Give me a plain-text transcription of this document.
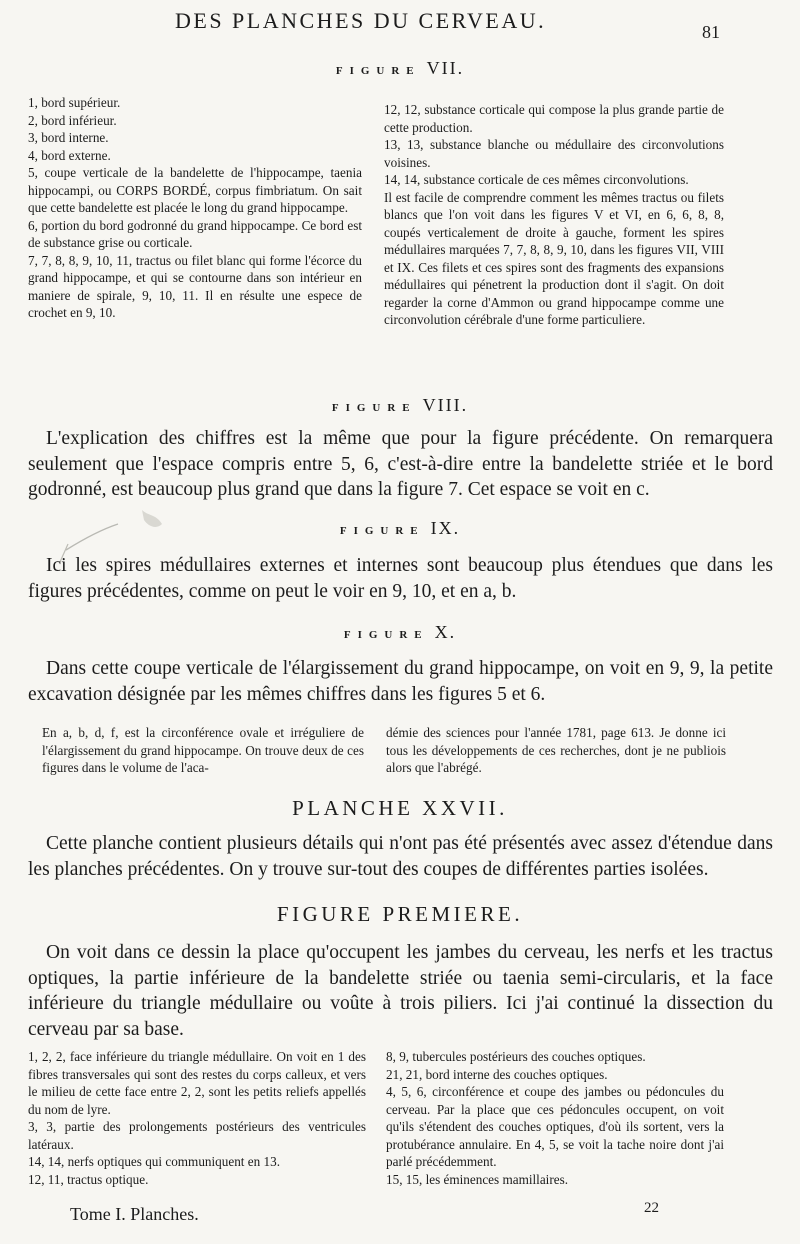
DES PLANCHES DU CERVEAU.	81
FIGURE VII.

1, bord supérieur.

2, bord inférieur.

3, bord interne.

4, bord externe.

5, coupe verticale de la bandelette de l'hippocampe, taenia hippocampi, ou CORPS BORDÉ, corpus fimbriatum. On sait que cette bandelette est placée le long du grand hippocampe.

6, portion du bord godronné du grand hippocampe. Ce bord est de substance grise ou corticale.

7, 7, 8, 8, 9, 10, 11, tractus ou filet blanc qui forme l'écorce du grand hippocampe, et qui se contourne dans son intérieur en maniere de spirale, 9, 10, 11. Il en résulte une espece de crochet en 9, 10.

12, 12, substance corticale qui compose la plus grande partie de cette production.

13, 13, substance blanche ou médullaire des circonvolutions voisines.

14, 14, substance corticale de ces mêmes circonvolutions.

Il est facile de comprendre comment les mêmes tractus ou filets blancs que l'on voit dans les figures V et VI, en 6, 6, 8, 8, coupés verticalement de droite à gauche, forment les spires médullaires marquées 7, 7, 8, 8, 9, 10, dans les figures VII, VIII et IX. Ces filets et ces spires sont des fragments des expansions médullaires qui pénetrent la production dont il s'agit. On doit regarder la corne d'Ammon ou grand hippocampe comme une circonvolution cérébrale d'une forme particuliere.

FIGURE VIII.

L'explication des chiffres est la même que pour la figure précédente. On remarquera seulement que l'espace compris entre 5, 6, c'est-à-dire entre la bandelette striée et le bord godronné, est beaucoup plus grand que dans la figure 7. Cet espace se voit en c.

FIGURE IX.

Ici les spires médullaires externes et internes sont beaucoup plus étendues que dans les figures précédentes, comme on peut le voir en 9, 10, et en a, b.

FIGURE X.

Dans cette coupe verticale de l'élargissement du grand hippocampe, on voit en 9, 9, la petite excavation désignée par les mêmes chiffres dans les figures 5 et 6.

En a, b, d, f, est la circonférence ovale et irréguliere de l'élargissement du grand hippocampe. On trouve deux de ces figures dans le volume de l'aca-

démie des sciences pour l'année 1781, page 613. Je donne ici tous les développements de ces recherches, dont je ne publiois alors que l'abrégé.

PLANCHE XXVII.

Cette planche contient plusieurs détails qui n'ont pas été présentés avec assez d'étendue dans les planches précédentes. On y trouve sur-tout des coupes de différentes parties isolées.

FIGURE PREMIERE.

On voit dans ce dessin la place qu'occupent les jambes du cerveau, les nerfs et les tractus optiques, la partie inférieure de la bandelette striée ou taenia semi-circularis, et la face inférieure du triangle médullaire ou voûte à trois piliers. Ici j'ai continué la dissection du cerveau par sa base.

1, 2, 2, face inférieure du triangle médullaire. On voit en 1 des fibres transversales qui sont des restes du corps calleux, et vers le milieu de cette face entre 2, 2, sont les petits reliefs appellés du nom de lyre.

3, 3, partie des prolongements postérieurs des ventricules latéraux.

14, 14, nerfs optiques qui communiquent en 13.

12, 11, tractus optique.

8, 9, tubercules postérieurs des couches optiques.

21, 21, bord interne des couches optiques.

4, 5, 6, circonférence et coupe des jambes ou pédoncules du cerveau. Par la place que ces pédoncules occupent, on voit qu'ils s'étendent des couches optiques, d'où ils sortent, vers la protubérance annulaire. En 4, 5, se voit la tache noire dont j'ai parlé précédemment.

15, 15, les éminences mamillaires.

Tome I. Planches.	22
